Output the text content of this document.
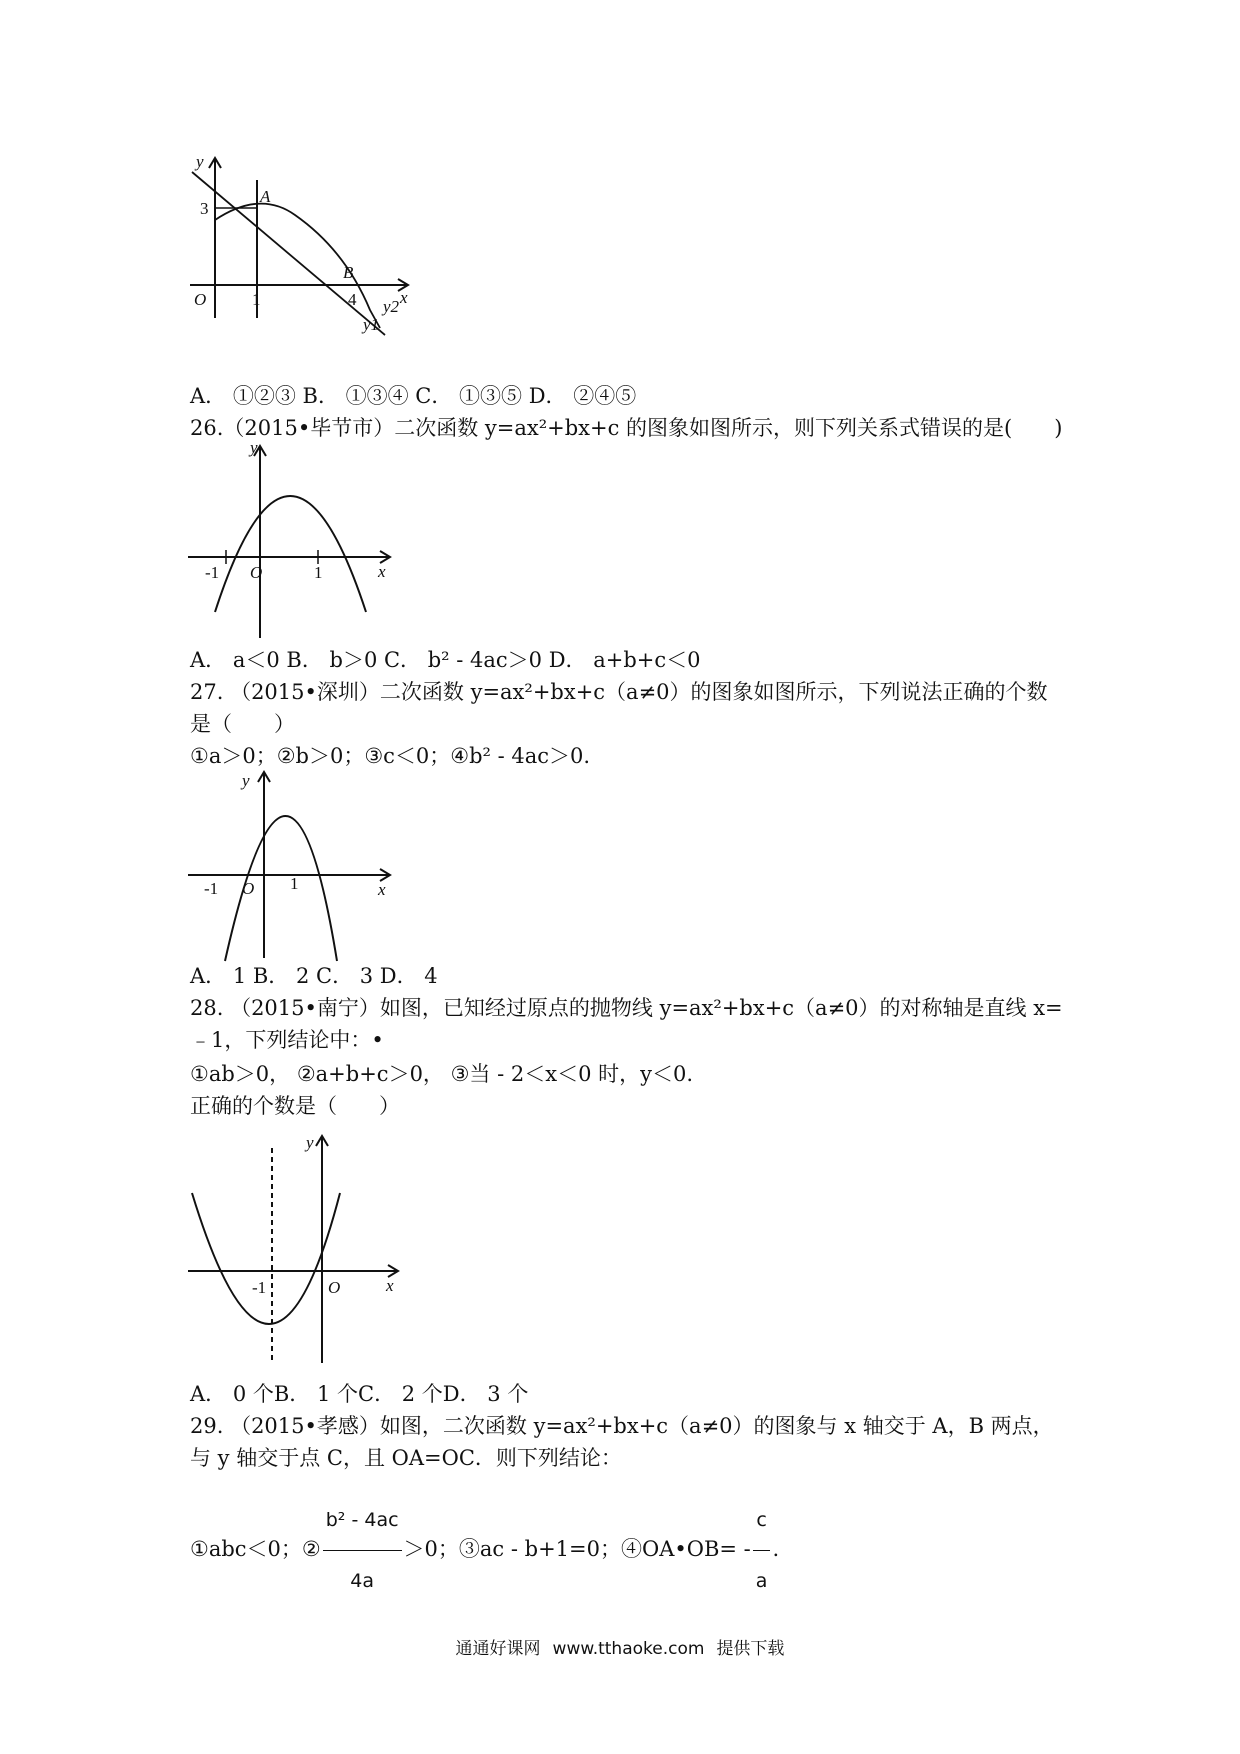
y
x
3
A
B
O	1	4 y2
y1
A． ①②③ B． ①③④ C． ①③⑤ D． ②④⑤
26.（2015•毕节市）二次函数 y=ax²+bx+c 的图象如图所示，则下列关系式错误的是(　　)
y
x
O
-1	1
A． a＜0 B． b＞0 C． b² - 4ac＞0 D． a+b+c＜0
27. （2015•深圳）二次函数 y=ax²+bx+c（a≠0）的图象如图所示，下列说法正确的个数
是（　　）
①a＞0；②b＞0；③c＜0；④b² - 4ac＞0.
y
x
O
-1	1
A． 1 B． 2 C． 3 D． 4
28. （2015•南宁）如图，已知经过原点的抛物线 y=ax²+bx+c（a≠0）的对称轴是直线 x=
﹣1，下列结论中：•
①ab＞0， ②a+b+c＞0， ③当 - 2＜x＜0 时，y＜0.
正确的个数是（　　）
y
x
O
-1
A． 0 个B． 1 个C． 2 个D． 3 个
29. （2015•孝感）如图，二次函数 y=ax²+bx+c（a≠0）的图象与 x 轴交于 A，B 两点，
与 y 轴交于点 C，且 OA=OC．则下列结论：
①abc＜0；② $\frac{\text{b² - 4ac}}{4a} >0$；③ac - b+1=0；④OA•OB= - $\frac{c}{a}$ .
通通好课网 www.tthaoke.com 提供下载
